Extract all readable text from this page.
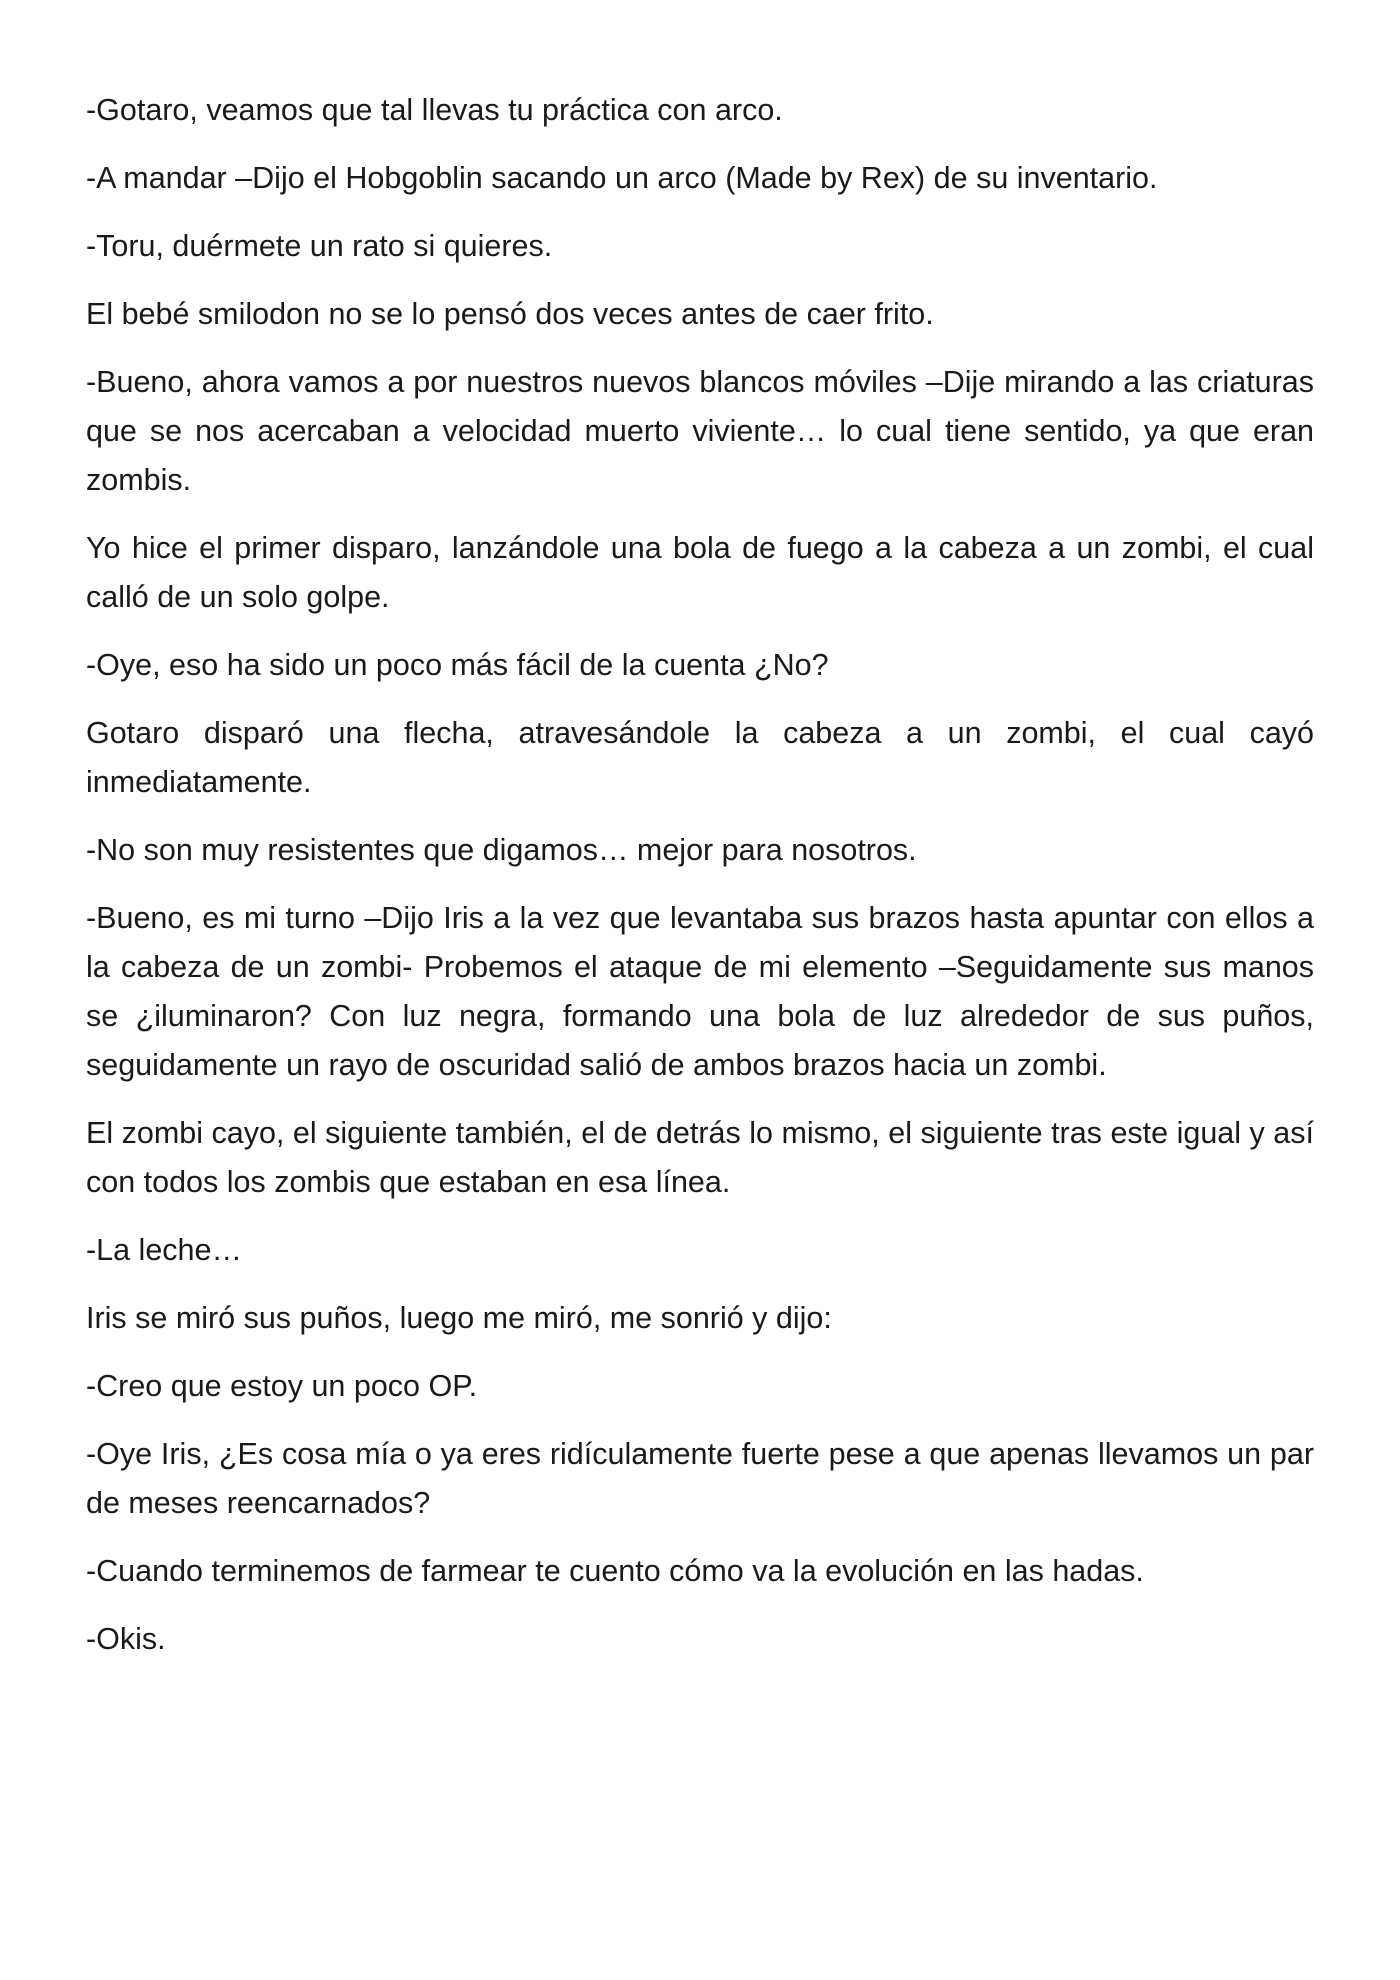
-Gotaro, veamos que tal llevas tu práctica con arco.

-A mandar –Dijo el Hobgoblin sacando un arco (Made by Rex) de su inventario.

-Toru, duérmete un rato si quieres.

El bebé smilodon no se lo pensó dos veces antes de caer frito.

-Bueno, ahora vamos a por nuestros nuevos blancos móviles –Dije mirando a las criaturas que se nos acercaban a velocidad muerto viviente… lo cual tiene sentido, ya que eran zombis.

Yo hice el primer disparo, lanzándole una bola de fuego a la cabeza a un zombi, el cual calló de un solo golpe.

-Oye, eso ha sido un poco más fácil de la cuenta ¿No?

Gotaro disparó una flecha, atravesándole la cabeza a un zombi, el cual cayó inmediatamente.

-No son muy resistentes que digamos… mejor para nosotros.

-Bueno, es mi turno –Dijo Iris a la vez que levantaba sus brazos hasta apuntar con ellos a la cabeza de un zombi- Probemos el ataque de mi elemento –Seguidamente sus manos se ¿iluminaron? Con luz negra, formando una bola de luz alrededor de sus puños, seguidamente un rayo de oscuridad salió de ambos brazos hacia un zombi.

El zombi cayo, el siguiente también, el de detrás lo mismo, el siguiente tras este igual y así con todos los zombis que estaban en esa línea.

-La leche…

Iris se miró sus puños, luego me miró, me sonrió y dijo:

-Creo que estoy un poco OP.

-Oye Iris, ¿Es cosa mía o ya eres ridículamente fuerte pese a que apenas llevamos un par de meses reencarnados?

-Cuando terminemos de farmear te cuento cómo va la evolución en las hadas.

-Okis.
